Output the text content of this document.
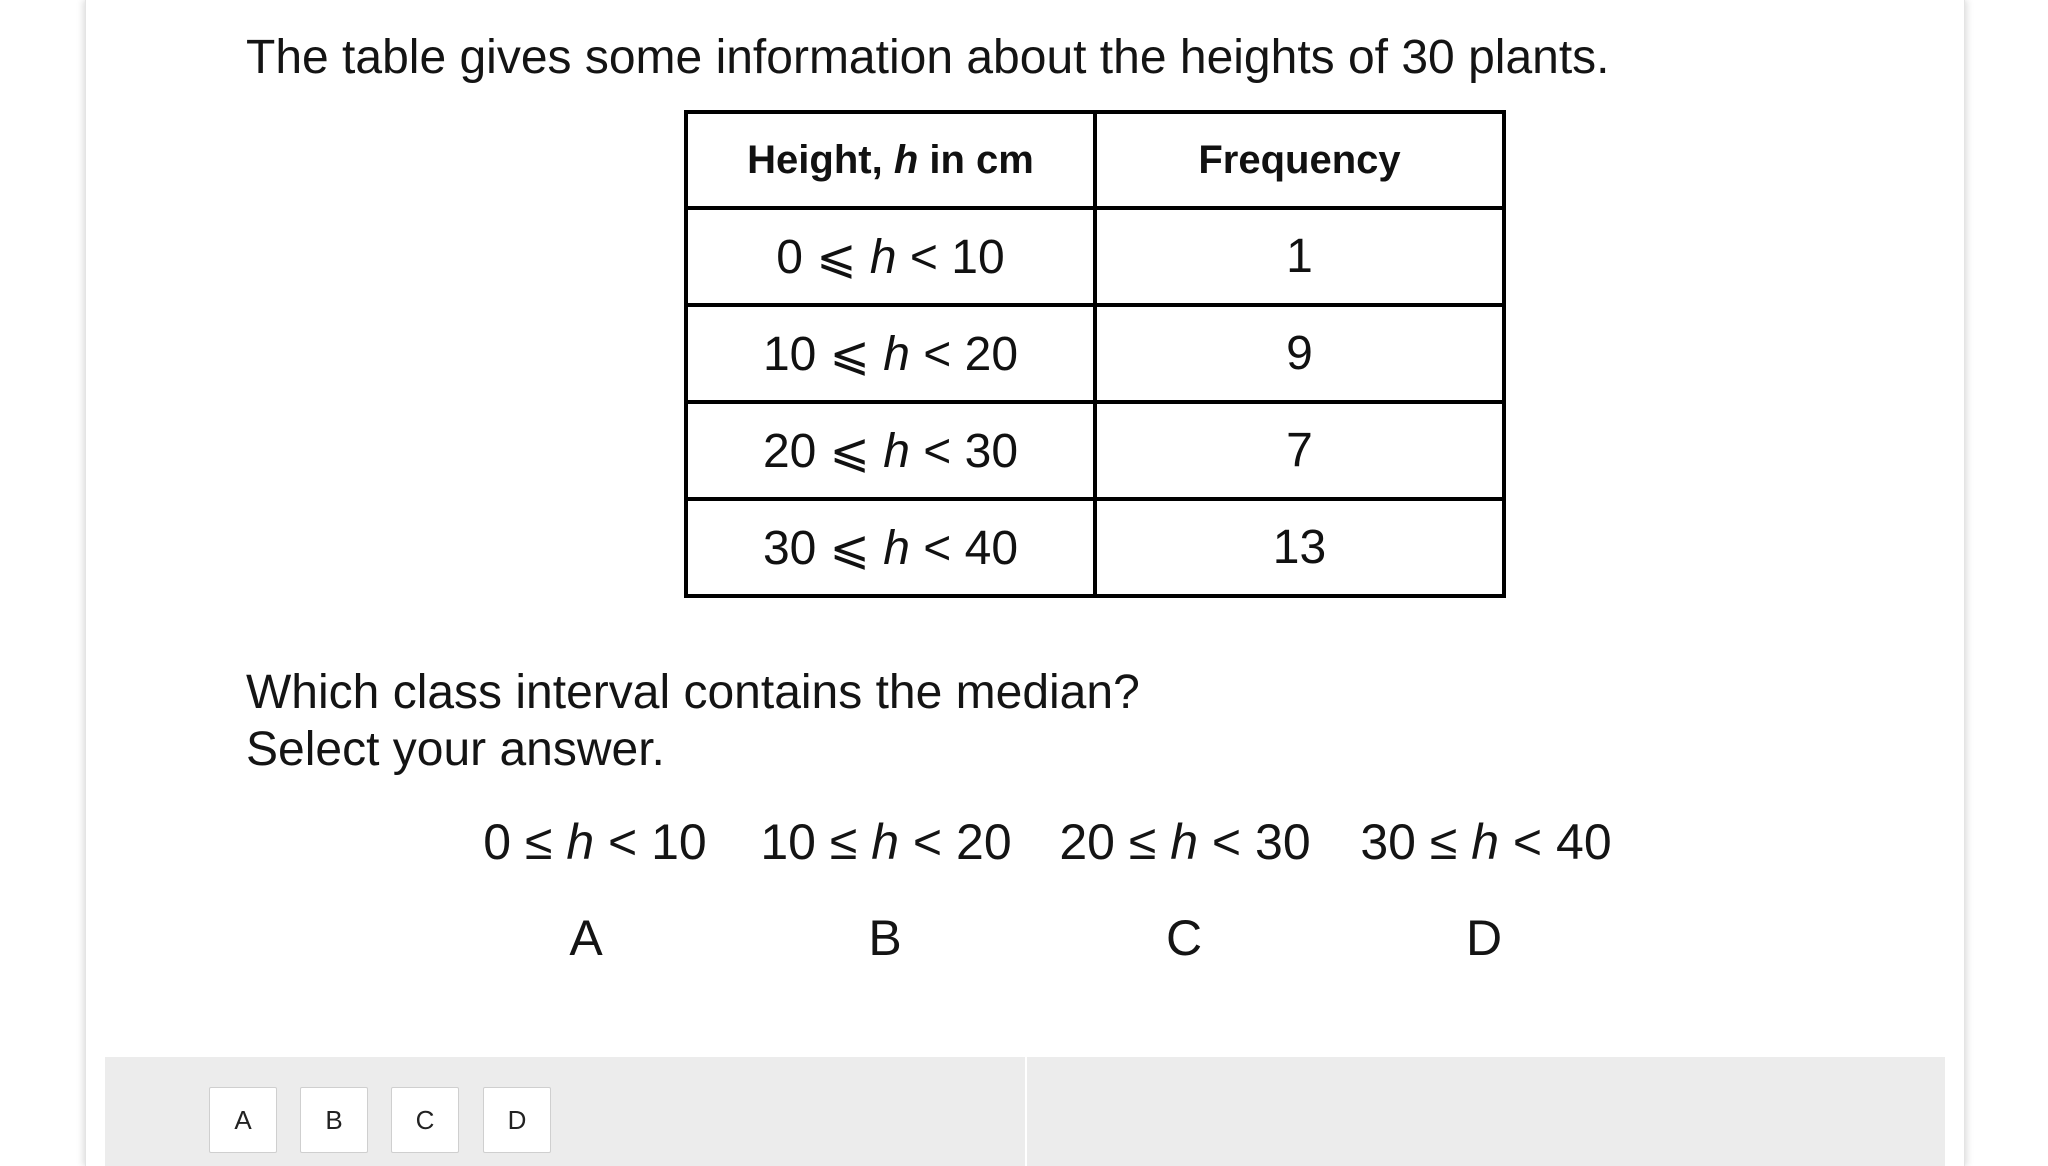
The table gives some information about the heights of 30 plants.
Height, h in cm	Frequency
0 ⩽ h < 10	1
10 ⩽ h < 20	9
20 ⩽ h < 30	7
30 ⩽ h < 40	13
Which class interval contains the median?
Select your answer.
0 ≤ h < 10 10 ≤ h < 20 20 ≤ h < 30 30 ≤ h < 40
A	B	C	D
A	B	C	D
